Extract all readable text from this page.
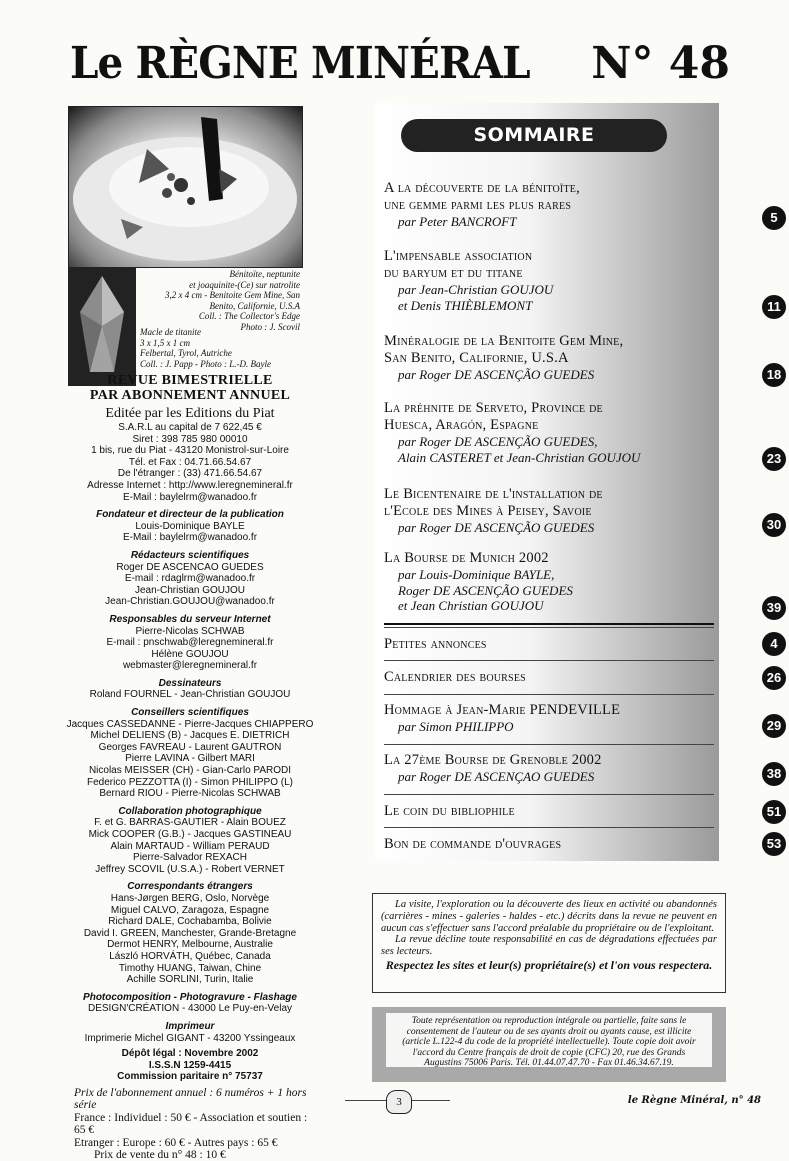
Le RÈGNE MINÉRAL N° 48
Bénitoïte, neptunite
et joaquinite-(Ce) sur natrolite
3,2 x 4 cm - Benitoite Gem Mine, San
Benito, Californie, U.S.A
Coll. : The Collector's Edge
Photo : J. Scovil
Macle de titanite
3 x 1,5 x 1 cm
Felbertal, Tyrol, Autriche
Coll. : J. Papp - Photo : L.-D. Bayle
REVUE BIMESTRIELLE
PAR ABONNEMENT ANNUEL
Editée par les Editions du Piat
S.A.R.L au capital de 7 622,45 €
Siret : 398 785 980 00010
1 bis, rue du Piat - 43120 Monistrol-sur-Loire
Tél. et Fax : 04.71.66.54.67
De l'étranger : (33) 471.66.54.67
Adresse Internet : http://www.leregnemineral.fr
E-Mail : baylelrm@wanadoo.fr
Fondateur et directeur de la publication
Louis-Dominique BAYLE
E-Mail : baylelrm@wanadoo.fr
Rédacteurs scientifiques
Roger DE ASCENCAO GUEDES
E-mail : rdaglrm@wanadoo.fr
Jean-Christian GOUJOU
Jean-Christian.GOUJOU@wanadoo.fr
Responsables du serveur Internet
Pierre-Nicolas SCHWAB
E-mail : pnschwab@leregnemineral.fr
Hélène GOUJOU
webmaster@leregnemineral.fr
Dessinateurs
Roland FOURNEL - Jean-Christian GOUJOU
Conseillers scientifiques
Jacques CASSEDANNE - Pierre-Jacques CHIAPPERO
Michel DELIENS (B) - Jacques E. DIETRICH
Georges FAVREAU - Laurent GAUTRON
Pierre LAVINA - Gilbert MARI
Nicolas MEISSER (CH) - Gian-Carlo PARODI
Federico PEZZOTTA (I) - Simon PHILIPPO (L)
Bernard RIOU - Pierre-Nicolas SCHWAB
Collaboration photographique
F. et G. BARRAS-GAUTIER - Alain BOUEZ
Mick COOPER (G.B.) - Jacques GASTINEAU
Alain MARTAUD - William PERAUD
Pierre-Salvador REXACH
Jeffrey SCOVIL (U.S.A.) - Robert VERNET
Correspondants étrangers
Hans-Jørgen BERG, Oslo, Norvège
Miguel CALVO, Zaragoza, Espagne
Richard DALE, Cochabamba, Bolivie
David I. GREEN, Manchester, Grande-Bretagne
Dermot HENRY, Melbourne, Australie
László HORVÁTH, Québec, Canada
Timothy HUANG, Taiwan, Chine
Achille SORLINI, Turin, Italie
Photocomposition - Photogravure - Flashage
DESIGN'CRÉATION - 43000 Le Puy-en-Velay
Imprimeur
Imprimerie Michel GIGANT - 43200 Yssingeaux
Dépôt légal : Novembre 2002
I.S.S.N 1259-4415
Commission paritaire n° 75737
Prix de l'abonnement annuel : 6 numéros + 1 hors série
France : Individuel : 50 € - Association et soutien : 65 €
Etranger : Europe : 60 € - Autres pays : 65 €
Prix de vente du n° 48 : 10 €
SOMMAIRE
A la découverte de la bénitoïte,
une gemme parmi les plus rares
par Peter BANCROFT	5
L'impensable association
du baryum et du titane
par Jean-Christian GOUJOU
et Denis THIÈBLEMONT	11
Minéralogie de la Benitoite Gem Mine,
San Benito, Californie, U.S.A
par Roger DE ASCENÇÃO GUEDES	18
La préhnite de Serveto, Province de
Huesca, Aragón, Espagne
par Roger DE ASCENÇÃO GUEDES,
Alain CASTERET et Jean-Christian GOUJOU	23
Le Bicentenaire de l'installation de
l'Ecole des Mines à Peisey, Savoie
par Roger DE ASCENÇÃO GUEDES	30
La Bourse de Munich 2002
par Louis-Dominique BAYLE,
Roger DE ASCENÇÃO GUEDES
et Jean Christian GOUJOU	39
Petites annonces	4
Calendrier des bourses	26
Hommage à Jean-Marie PENDEVILLE
par Simon PHILIPPO	29
La 27ème Bourse de Grenoble 2002
par Roger DE ASCENÇAO GUEDES	38
Le coin du bibliophile	51
Bon de commande d'ouvrages	53
La visite, l'exploration ou la découverte des lieux en activité ou abandonnés (carrières - mines - galeries - haldes - etc.) décrits dans la revue ne peuvent en aucun cas s'effectuer sans l'accord préalable du propriétaire ou de l'exploitant.
La revue décline toute responsabilité en cas de dégradations effectuées par ses lecteurs.
Respectez les sites et leur(s) propriétaire(s) et l'on vous respectera.
Toute représentation ou reproduction intégrale ou partielle, faite sans le consentement de l'auteur ou de ses ayants droit ou ayants cause, est illicite (article L.122-4 du code de la propriété intellectuelle). Toute copie doit avoir l'accord du Centre français de droit de copie (CFC) 20, rue des Grands Augustins 75006 Paris. Tél. 01.44.07.47.70 - Fax 01.46.34.67.19.
3	le Règne Minéral, n° 48
